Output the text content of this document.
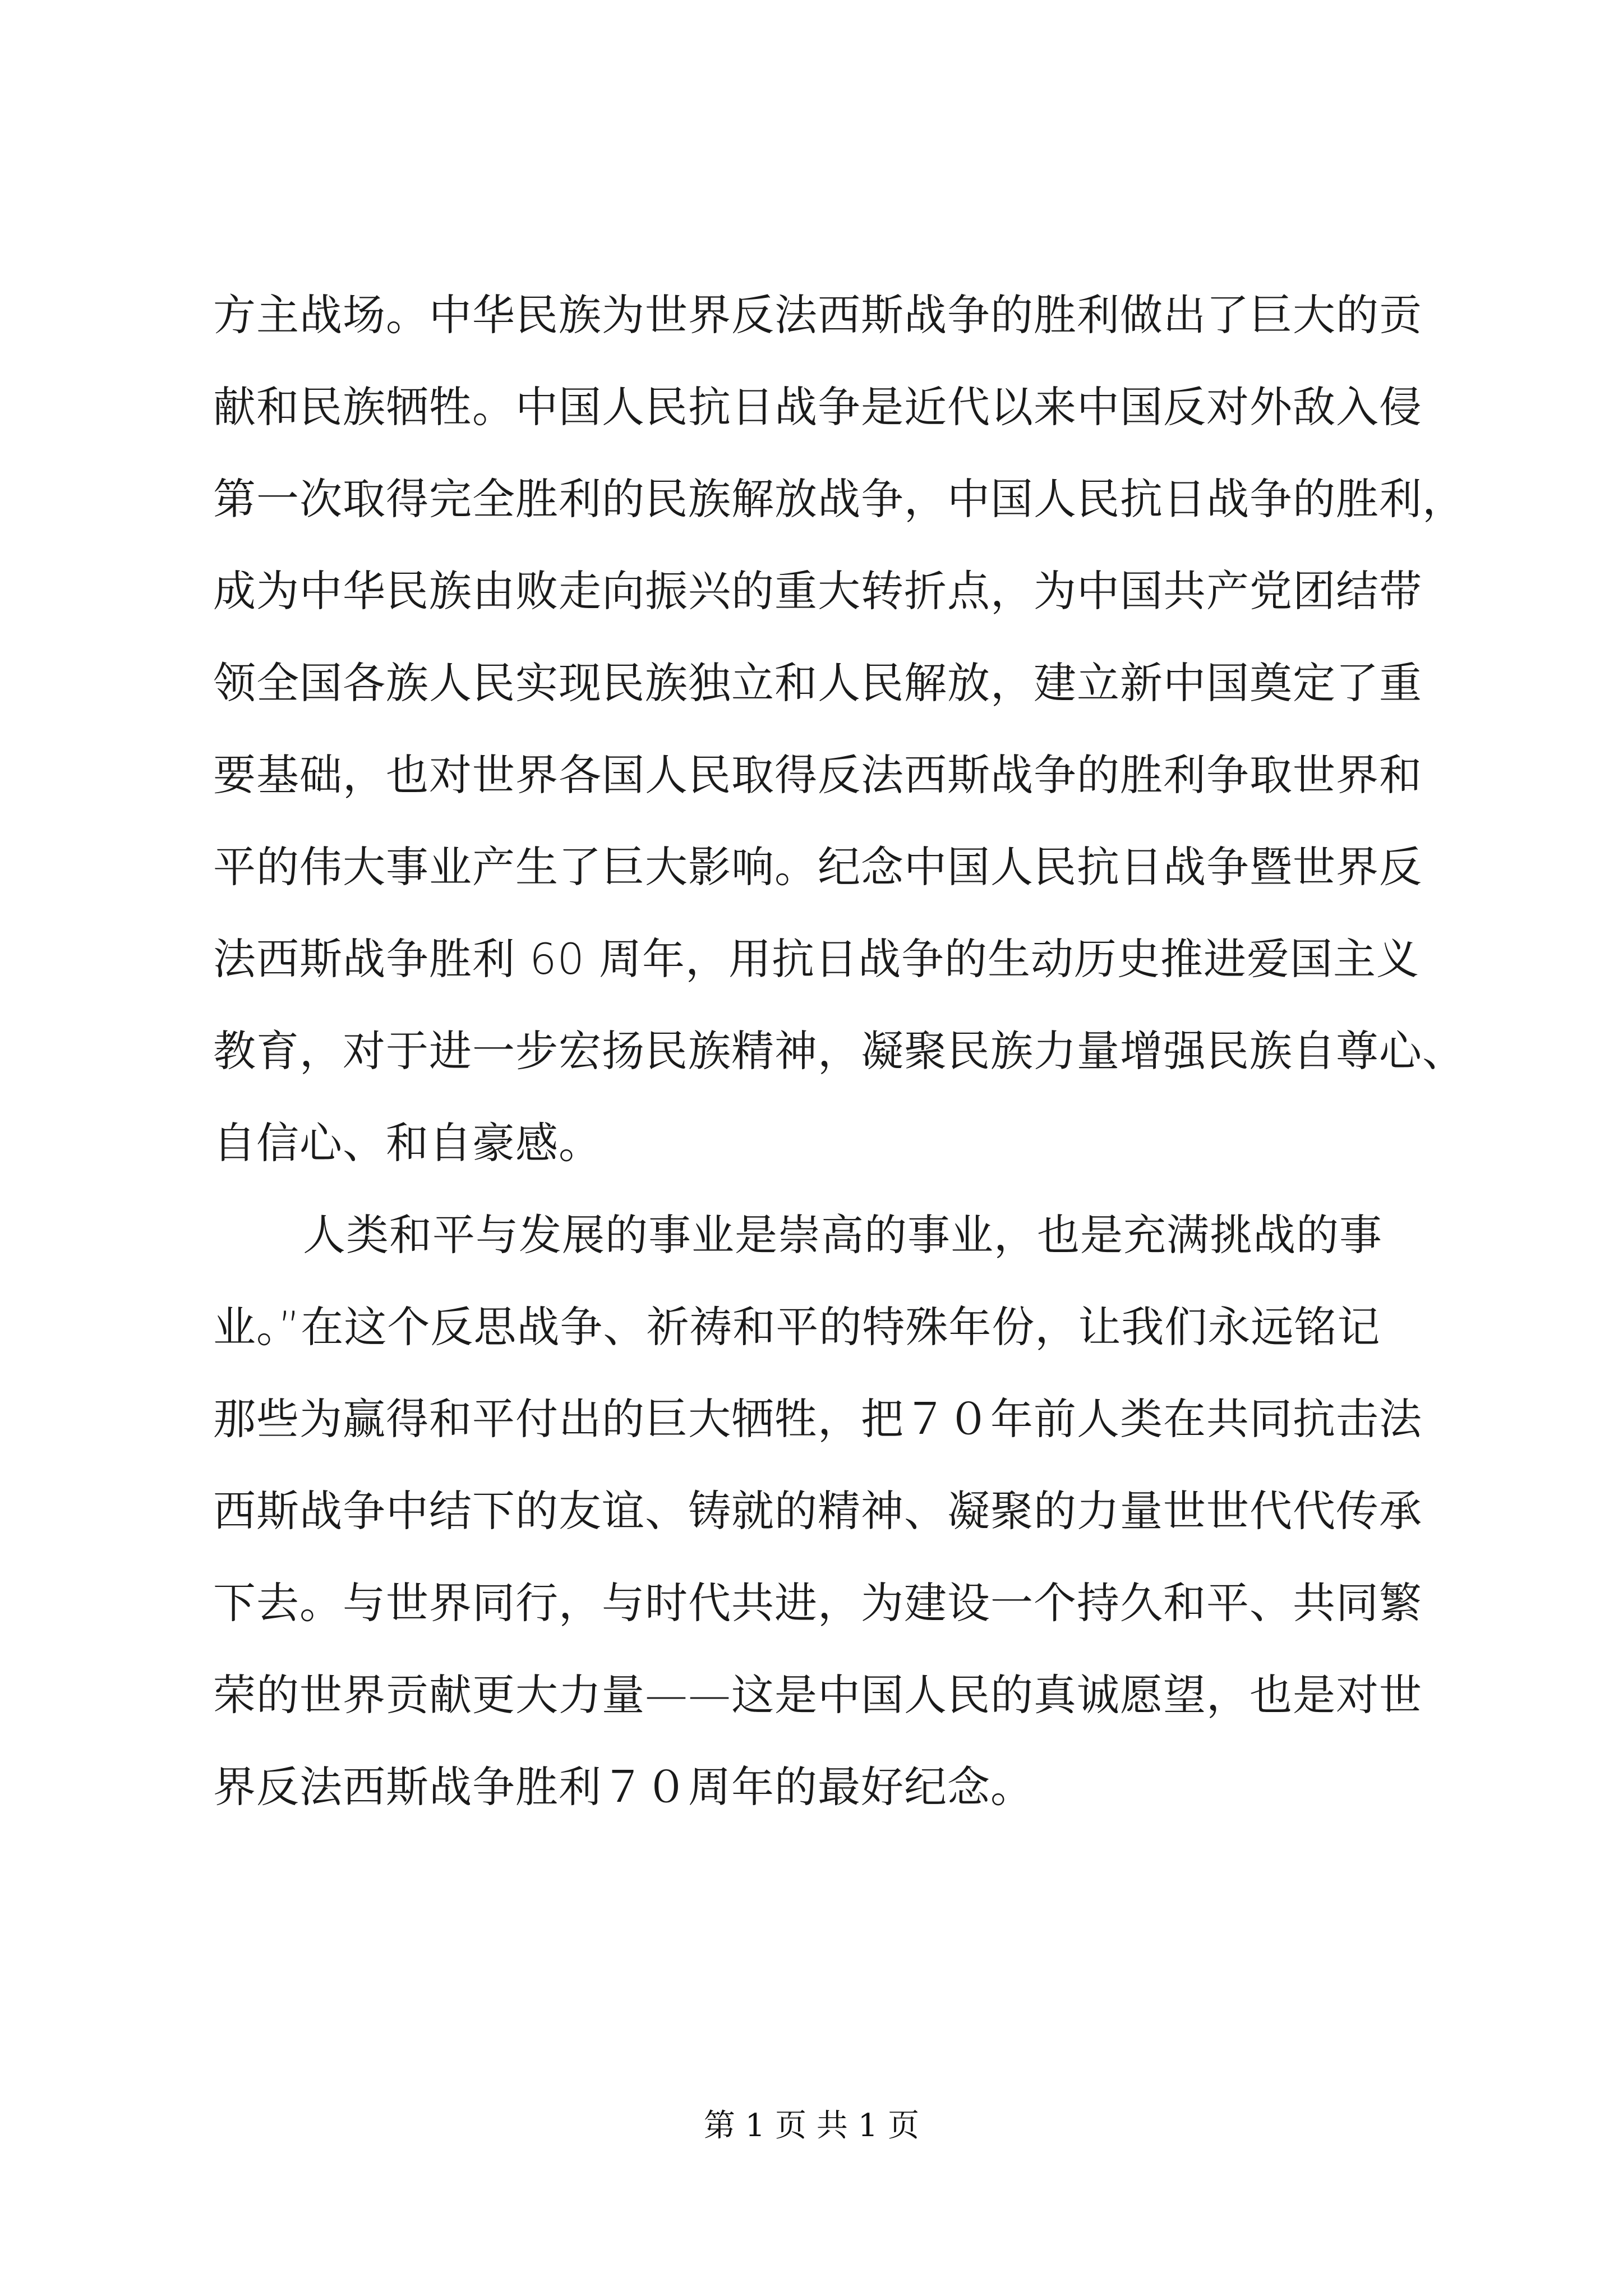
方主战场。中华民族为世界反法西斯战争的胜利做出了巨大的贡
献和民族牺牲。中国人民抗日战争是近代以来中国反对外敌入侵
第一次取得完全胜利的民族解放战争，中国人民抗日战争的胜利，
成为中华民族由败走向振兴的重大转折点，为中国共产党团结带
领全国各族人民实现民族独立和人民解放，建立新中国奠定了重
要基础，也对世界各国人民取得反法西斯战争的胜利争取世界和
平的伟大事业产生了巨大影响。纪念中国人民抗日战争暨世界反
法西斯战争胜利 60 周年，用抗日战争的生动历史推进爱国主义
教育，对于进一步宏扬民族精神，凝聚民族力量增强民族自尊心、
自信心、和自豪感。
人类和平与发展的事业是崇高的事业，也是充满挑战的事
业。”在这个反思战争、祈祷和平的特殊年份，让我们永远铭记
那些为赢得和平付出的巨大牺牲，把７０年前人类在共同抗击法
西斯战争中结下的友谊、铸就的精神、凝聚的力量世世代代传承
下去。与世界同行，与时代共进，为建设一个持久和平、共同繁
荣的世界贡献更大力量——这是中国人民的真诚愿望，也是对世
界反法西斯战争胜利７０周年的最好纪念。
第 1 页 共 1 页
